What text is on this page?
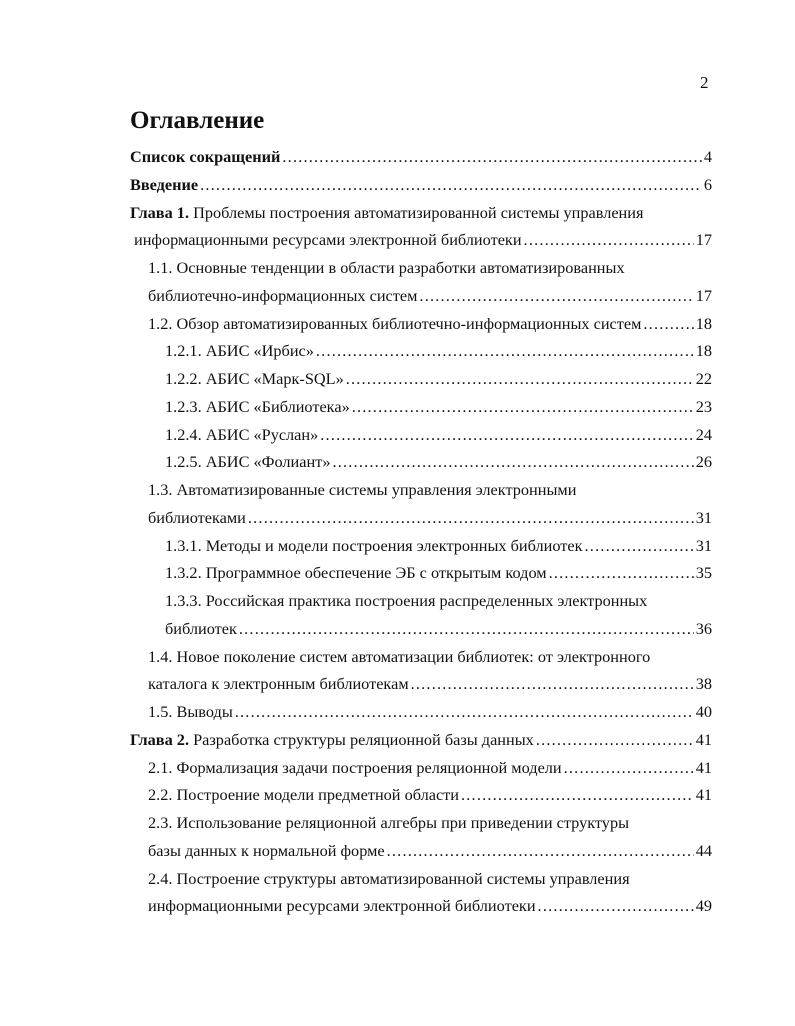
2
Оглавление
Список сокращений .....	4
Введение .....	6
Глава 1. Проблемы построения автоматизированной системы управления
информационными ресурсами электронной библиотеки .....	17
1.1. Основные тенденции в области разработки автоматизированных
библиотечно-информационных систем .....	17
1.2. Обзор автоматизированных библиотечно-информационных систем .....	18
1.2.1. АБИС «Ирбис» .....	18
1.2.2. АБИС «Марк-SQL» .....	22
1.2.3. АБИС «Библиотека» .....	23
1.2.4. АБИС «Руслан» .....	24
1.2.5. АБИС «Фолиант» .....	26
1.3. Автоматизированные системы управления электронными
библиотеками .....	31
1.3.1. Методы и модели построения электронных библиотек .....	31
1.3.2. Программное обеспечение ЭБ с открытым кодом .....	35
1.3.3. Российская практика построения распределенных электронных
библиотек .....	36
1.4. Новое поколение систем автоматизации библиотек: от электронного
каталога к электронным библиотекам .....	38
1.5. Выводы .....	40
Глава 2. Разработка структуры реляционной базы данных .....	41
2.1. Формализация задачи построения реляционной модели .....	41
2.2. Построение модели предметной области .....	41
2.3. Использование реляционной алгебры при приведении структуры
базы данных к нормальной форме .....	44
2.4. Построение структуры автоматизированной системы управления
информационными ресурсами электронной библиотеки .....	49
